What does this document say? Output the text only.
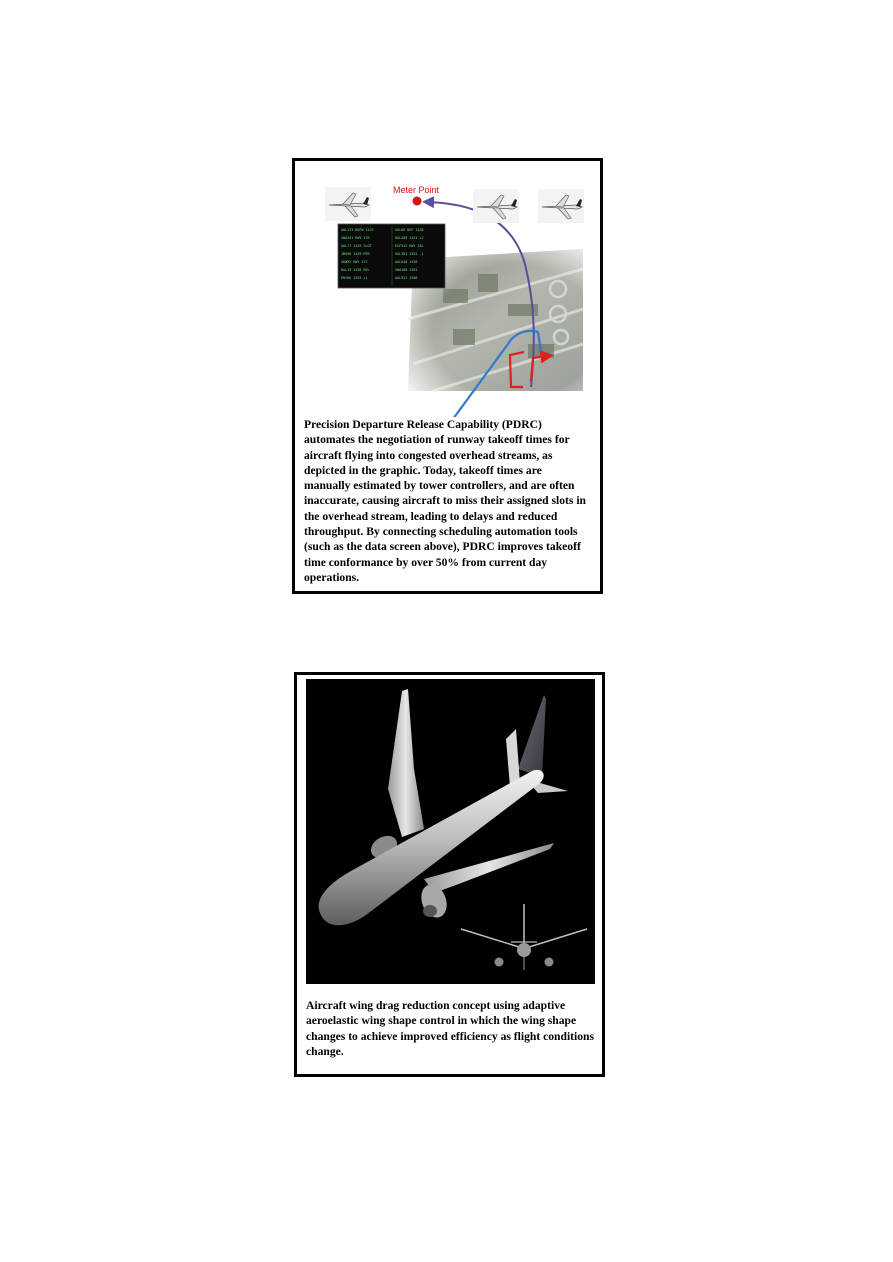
AAL123 KDFW 1432	UAL88 DEP 1438
SWA441 RWY 17R	DAL209 1441 +2
AAL77 1445 SLOT	EGF512 RWY 18L
JBU90 1449 MTR	UAL301 1452 -1
SKW22 RWY 17C	AAL640 1456
DAL15 1458 REL	SWA108 1501
ENY66 1503 +1	AAL922 1506
Meter Point
Precision Departure Release Capability (PDRC) automates the negotiation of runway takeoff times for aircraft flying into congested overhead streams, as depicted in the graphic. Today, takeoff times are manually estimated by tower controllers, and are often inaccurate, causing aircraft to miss their assigned slots in the overhead stream, leading to delays and reduced throughput. By connecting scheduling automation tools (such as the data screen above), PDRC improves takeoff time conformance by over 50% from current day operations.
Aircraft wing drag reduction concept using adaptive aeroelastic wing shape control in which the wing shape changes to achieve improved efficiency as flight conditions change.
